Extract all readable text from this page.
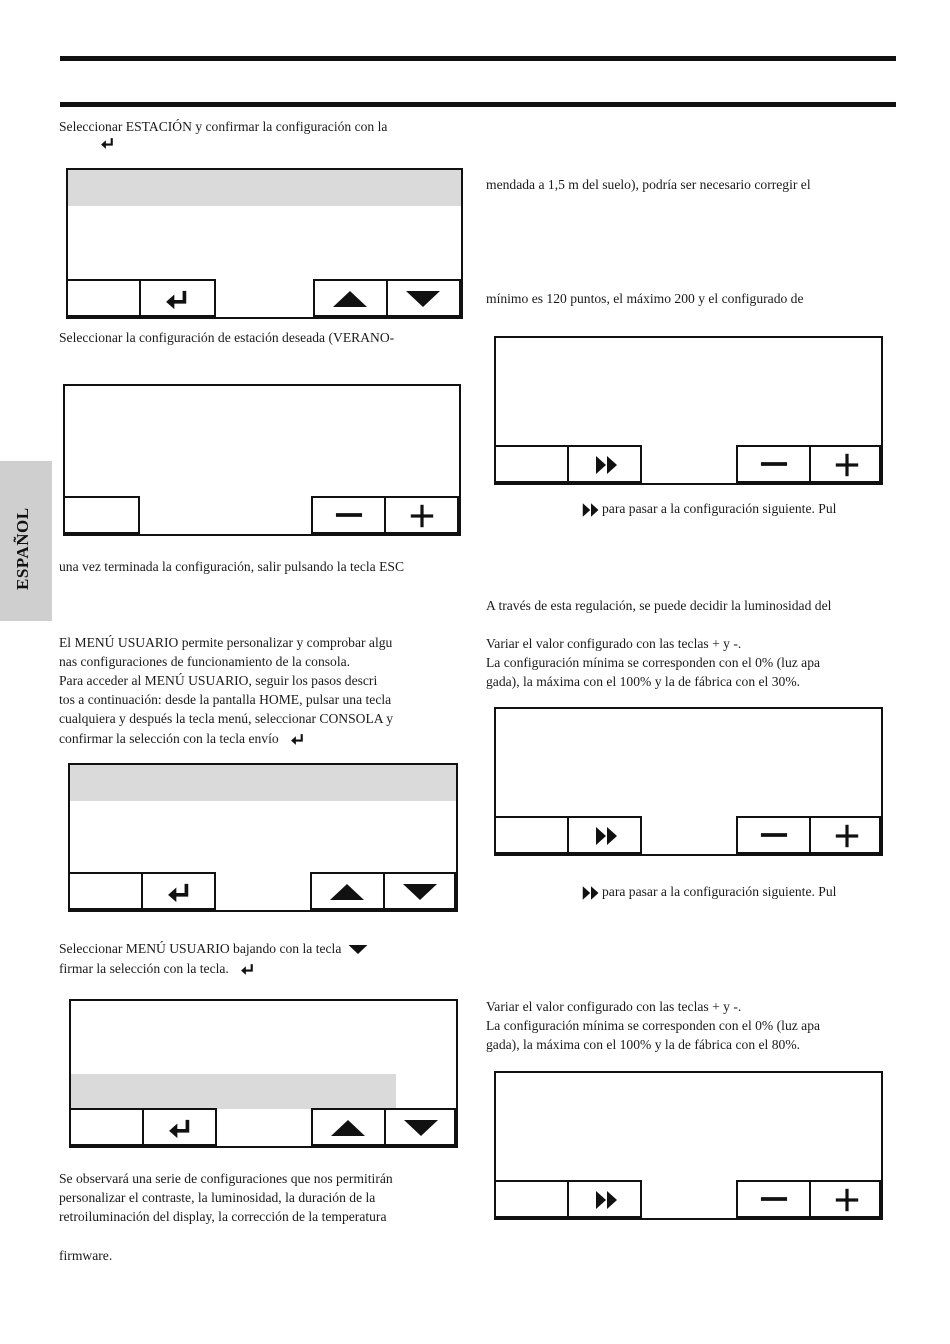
ESPAÑOL
Seleccionar ESTACIÓN y confirmar la configuración con la
Seleccionar la configuración de estación deseada (VERANO-
una vez terminada la configuración, salir pulsando la tecla ESC
El MENÚ USUARIO permite personalizar y comprobar algu
nas configuraciones de funcionamiento de la consola.
Para acceder al MENÚ USUARIO, seguir los pasos descri
tos a continuación: desde la pantalla HOME, pulsar una tecla
cualquiera y después la tecla menú, seleccionar CONSOLA y
confirmar la selección con la tecla envío
Seleccionar MENÚ USUARIO bajando con la tecla
firmar la selección con la tecla.
Se observará una serie de configuraciones que nos permitirán
personalizar el contraste, la luminosidad, la duración de la
retroiluminación del display, la corrección de la temperatura
firmware.
mendada a 1,5 m del suelo), podría ser necesario corregir el
mínimo es 120 puntos, el máximo 200 y el configurado de
para pasar a la configuración siguiente. Pul
A través de esta regulación, se puede decidir la luminosidad del
Variar el valor configurado con las teclas + y -.
La configuración mínima se corresponden con el 0% (luz apa
gada), la máxima con el 100% y la de fábrica con el 30%.
para pasar a la configuración siguiente. Pul
Variar el valor configurado con las teclas + y -.
La configuración mínima se corresponden con el 0% (luz apa
gada), la máxima con el 100% y la de fábrica con el 80%.
